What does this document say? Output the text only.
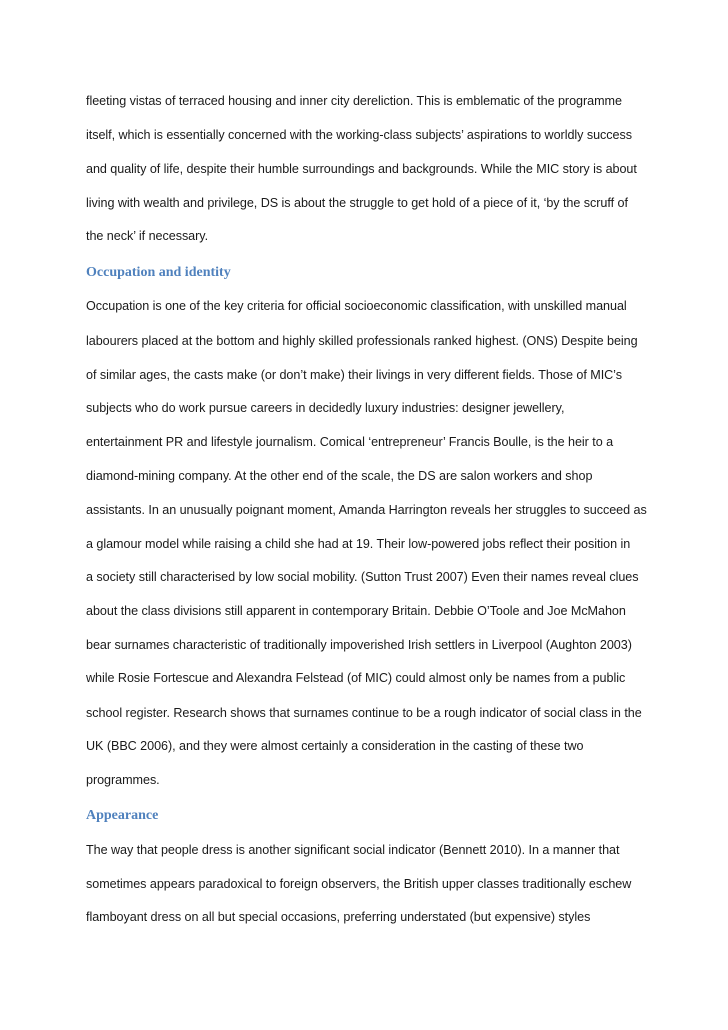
fleeting vistas of terraced housing and inner city dereliction. This is emblematic of the programme
itself, which is essentially concerned with the working-class subjects’ aspirations to worldly success
and quality of life, despite their humble surroundings and backgrounds. While the MIC story is about
living with wealth and privilege, DS is about the struggle to get hold of a piece of it, ‘by the scruff of
the neck’ if necessary.
Occupation and identity
Occupation is one of the key criteria for official socioeconomic classification, with unskilled manual
labourers placed at the bottom and highly skilled professionals ranked highest. (ONS) Despite being
of similar ages, the casts make (or don’t make) their livings in very different fields. Those of MIC’s
subjects who do work pursue careers in decidedly luxury industries: designer jewellery,
entertainment PR and lifestyle journalism. Comical ‘entrepreneur’ Francis Boulle, is the heir to a
diamond-mining company. At the other end of the scale, the DS are salon workers and shop
assistants. In an unusually poignant moment, Amanda Harrington reveals her struggles to succeed as
a glamour model while raising a child she had at 19. Their low-powered jobs reflect their position in
a society still characterised by low social mobility. (Sutton Trust 2007) Even their names reveal clues
about the class divisions still apparent in contemporary Britain. Debbie O’Toole and Joe McMahon
bear surnames characteristic of traditionally impoverished Irish settlers in Liverpool (Aughton 2003)
while Rosie Fortescue and Alexandra Felstead (of MIC) could almost only be names from a public
school register. Research shows that surnames continue to be a rough indicator of social class in the
UK (BBC 2006), and they were almost certainly a consideration in the casting of these two
programmes.
Appearance
The way that people dress is another significant social indicator (Bennett 2010). In a manner that
sometimes appears paradoxical to foreign observers, the British upper classes traditionally eschew
flamboyant dress on all but special occasions, preferring understated (but expensive) styles
